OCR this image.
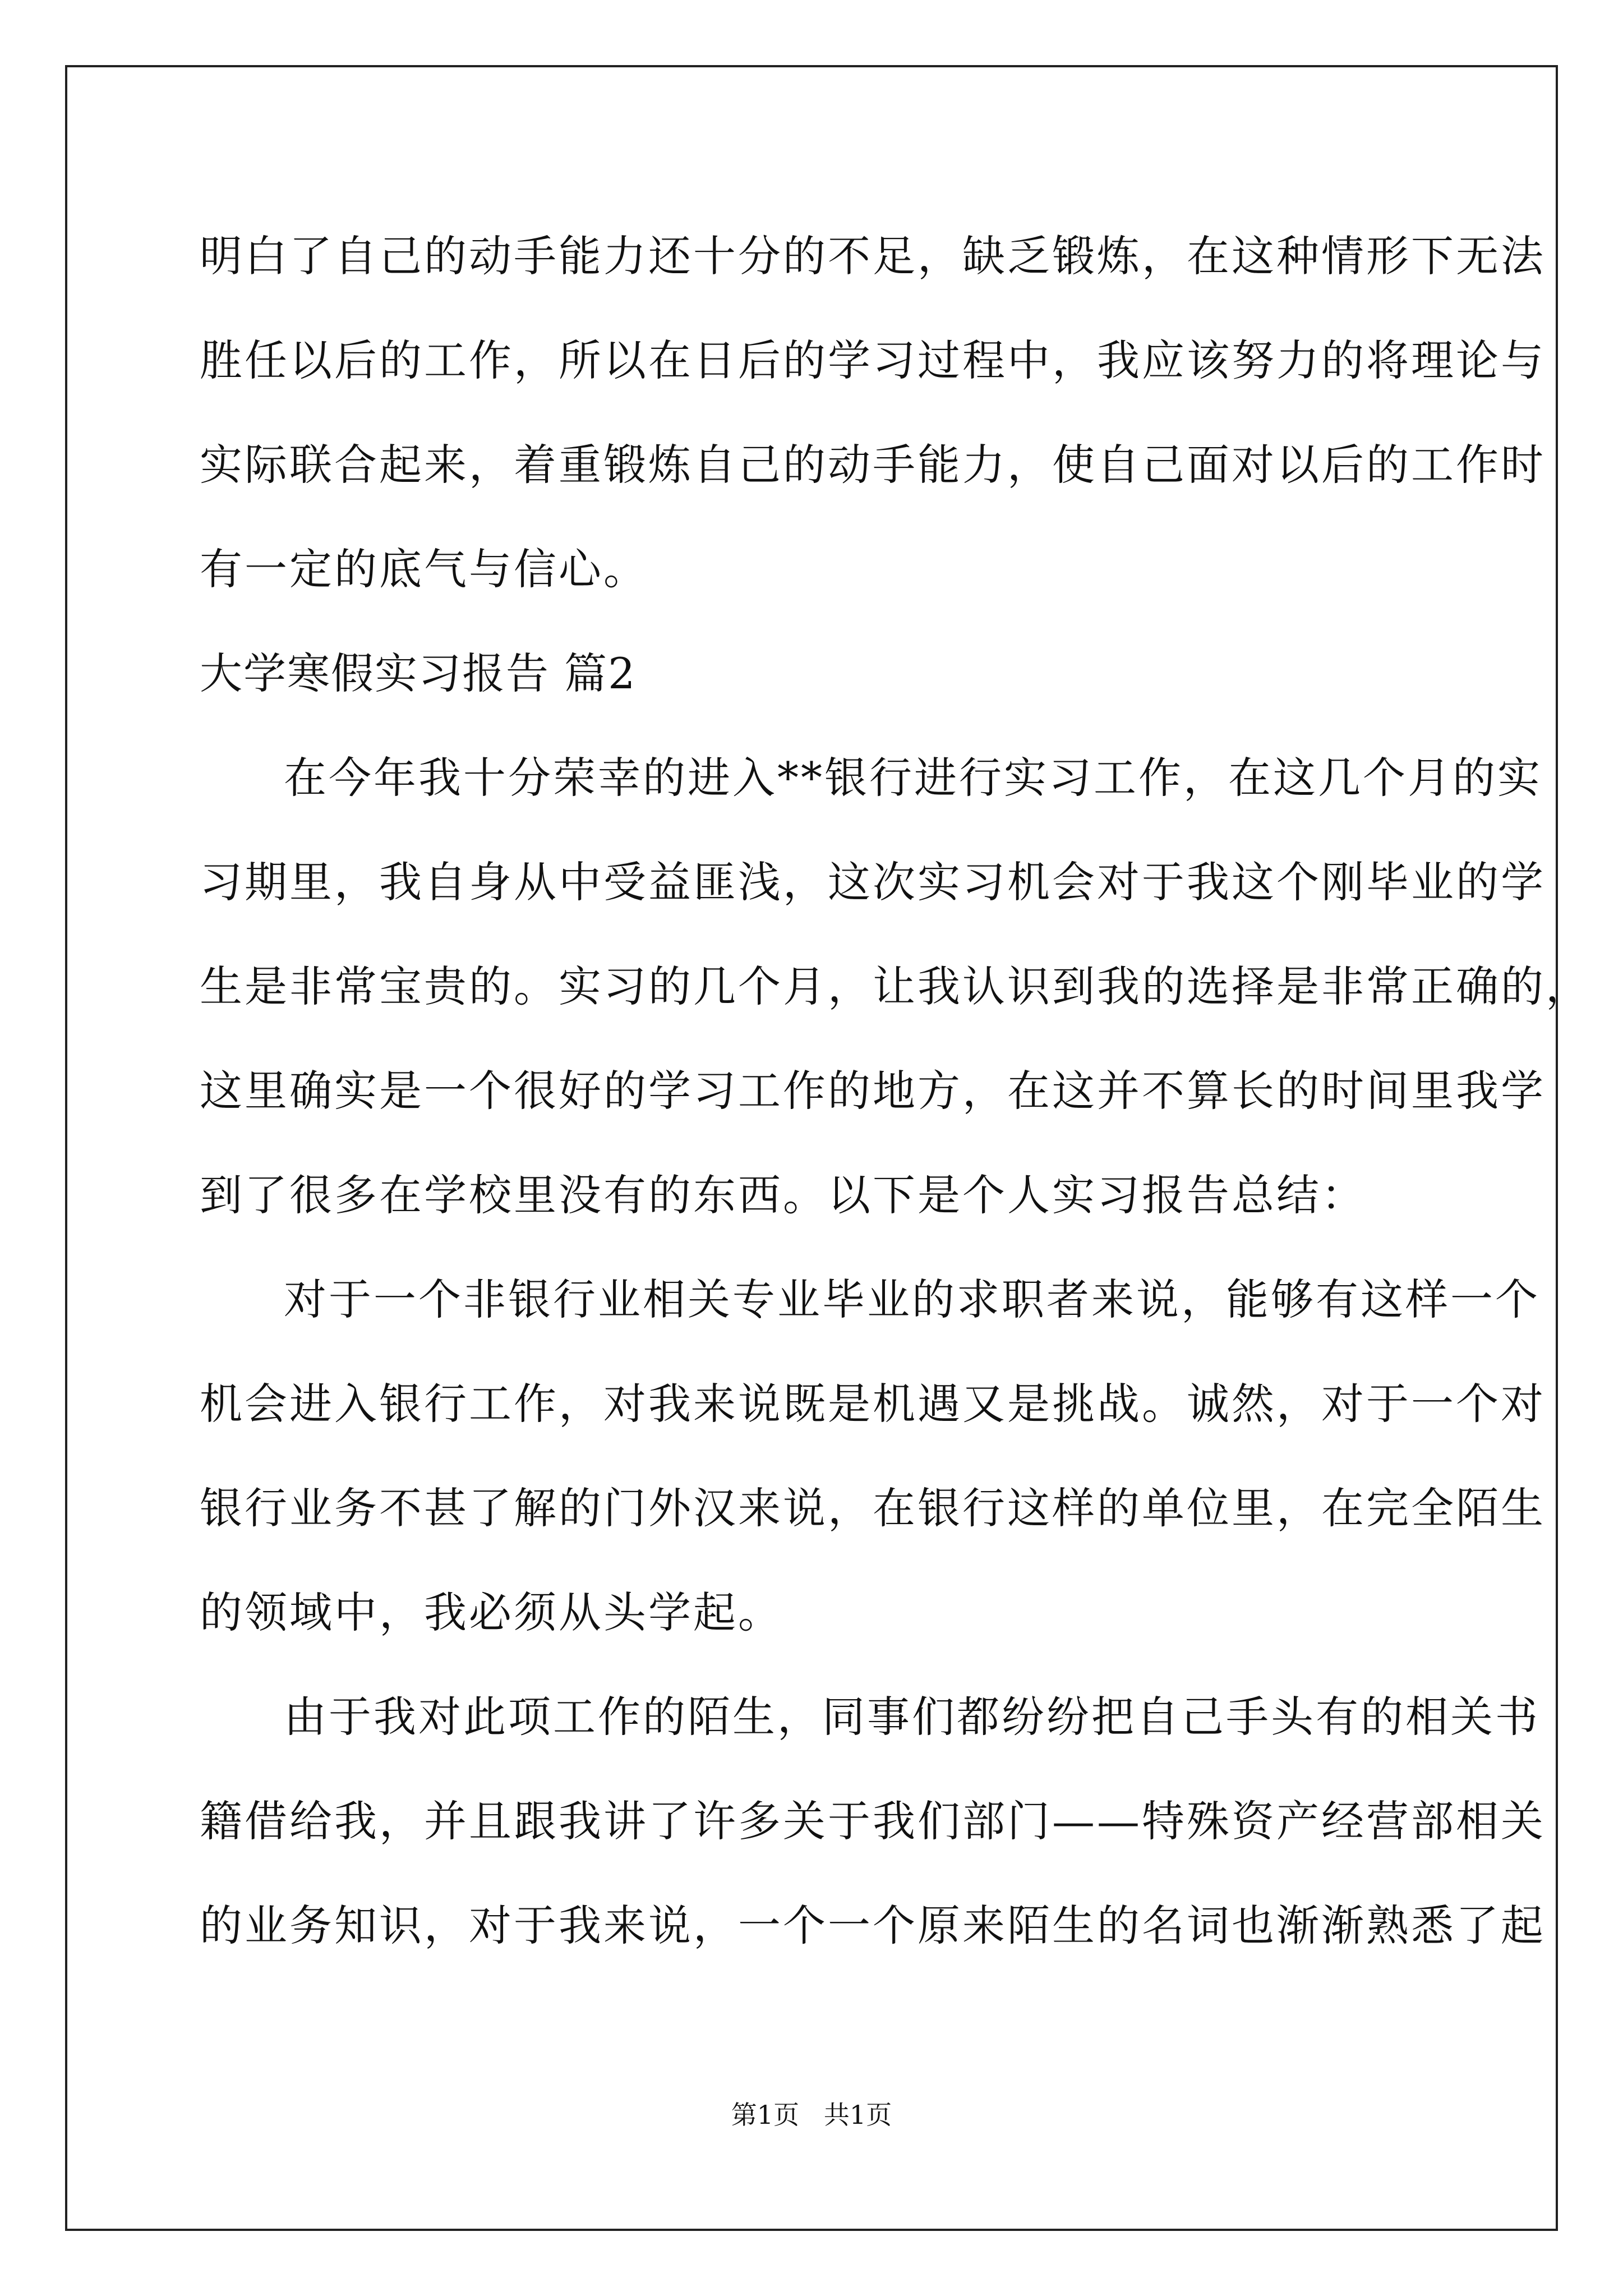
明白了自己的动手能力还十分的不足，缺乏锻炼，在这种情形下无法
胜任以后的工作，所以在日后的学习过程中，我应该努力的将理论与
实际联合起来，着重锻炼自己的动手能力，使自己面对以后的工作时
有一定的底气与信心。
大学寒假实习报告 篇2
在今年我十分荣幸的进入**银行进行实习工作，在这几个月的实
习期里，我自身从中受益匪浅，这次实习机会对于我这个刚毕业的学
生是非常宝贵的。实习的几个月，让我认识到我的选择是非常正确的，
这里确实是一个很好的学习工作的地方，在这并不算长的时间里我学
到了很多在学校里没有的东西。以下是个人实习报告总结：
对于一个非银行业相关专业毕业的求职者来说，能够有这样一个
机会进入银行工作，对我来说既是机遇又是挑战。诚然，对于一个对
银行业务不甚了解的门外汉来说，在银行这样的单位里，在完全陌生
的领域中，我必须从头学起。
由于我对此项工作的陌生，同事们都纷纷把自己手头有的相关书
籍借给我，并且跟我讲了许多关于我们部门——特殊资产经营部相关
的业务知识，对于我来说，一个一个原来陌生的名词也渐渐熟悉了起
第1页   共1页
